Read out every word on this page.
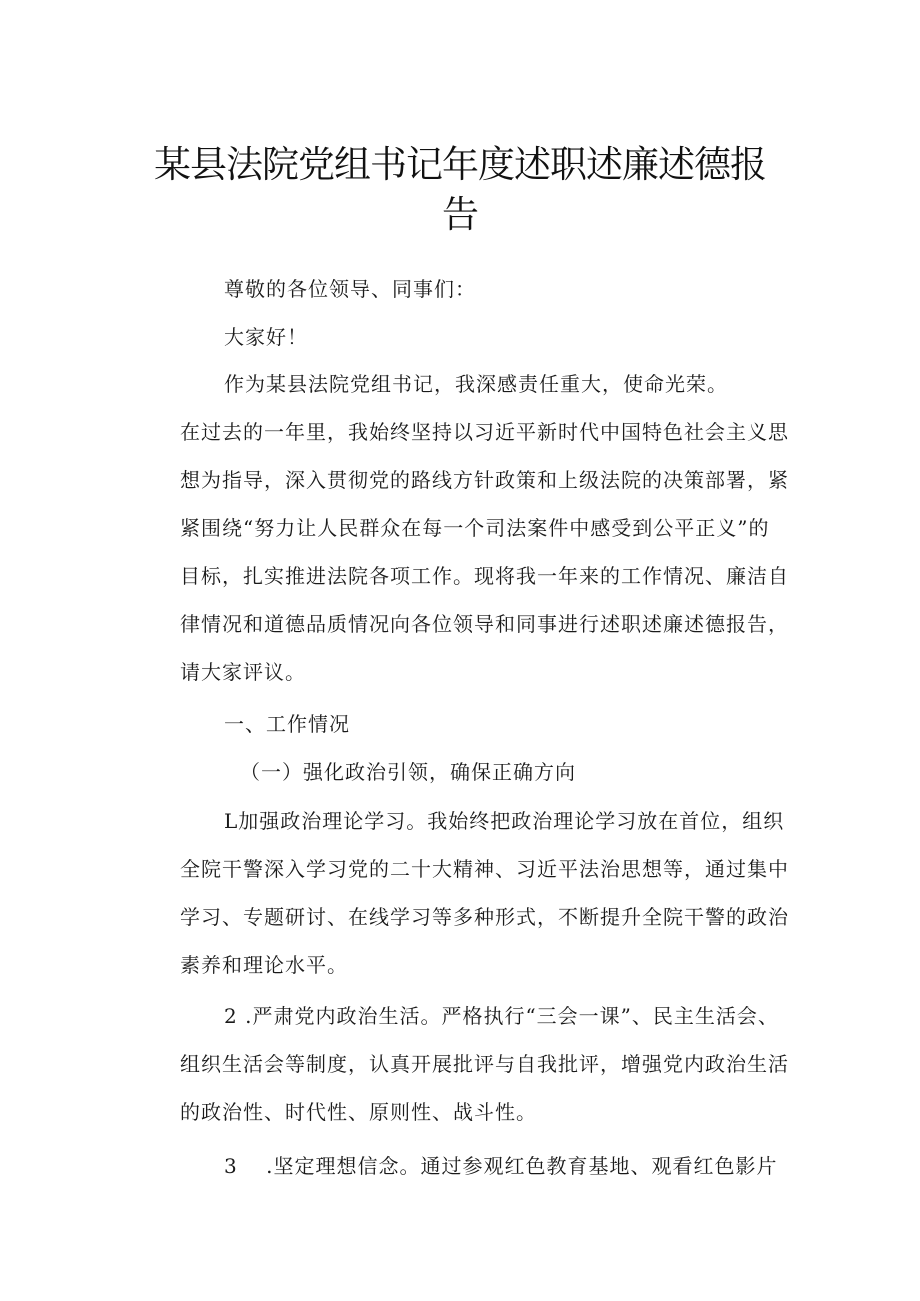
某县法院党组书记年度述职述廉述德报
告

尊敬的各位领导、同事们：

大家好！

作为某县法院党组书记，我深感责任重大，使命光荣。

在过去的一年里，我始终坚持以习近平新时代中国特色社会主义思
想为指导，深入贯彻党的路线方针政策和上级法院的决策部署，紧
紧围绕“努力让人民群众在每一个司法案件中感受到公平正义”的
目标，扎实推进法院各项工作。现将我一年来的工作情况、廉洁自
律情况和道德品质情况向各位领导和同事进行述职述廉述德报告，
请大家评议。

一、工作情况

（一）强化政治引领，确保正确方向

L加强政治理论学习。我始终把政治理论学习放在首位，组织
全院干警深入学习党的二十大精神、习近平法治思想等，通过集中
学习、专题研讨、在线学习等多种形式，不断提升全院干警的政治
素养和理论水平。
2 .严肃党内政治生活。严格执行“三会一课”、民主生活会、
组织生活会等制度，认真开展批评与自我批评，增强党内政治生活
的政治性、时代性、原则性、战斗性。
3　 .坚定理想信念。通过参观红色教育基地、观看红色影片
